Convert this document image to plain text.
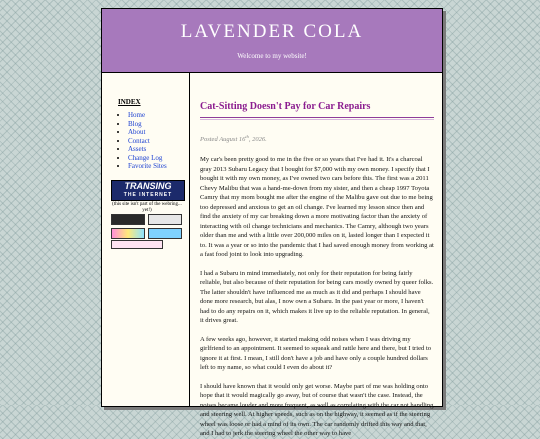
LAVENDER COLA
Welcome to my website!
INDEX
• Home
• Blog
• About
• Contact
• Assets
• Change Log
• Favorite Sites
TRANSING
THE INTERNET
(this site isn't part of the webring... yet!)
Cat-Sitting Doesn't Pay for Car Repairs
Posted August 16th, 2026.

My car's been pretty good to me in the five or so years that I've had it. It's a charcoal gray 2013 Subaru Legacy that I bought for $7,000 with my own money. I specify that I bought it with my own money, as I've owned two cars before this. The first was a 2011 Chevy Malibu that was a hand-me-down from my sister, and then a cheap 1997 Toyota Camry that my mom bought me after the engine of the Malibu gave out due to me being too depressed and anxious to get an oil change. I've learned my lesson since then and find the anxiety of my car breaking down a more motivating factor than the anxiety of interacting with oil change technicians and mechanics. The Camry, although two years older than me and with a little over 200,000 miles on it, lasted longer than I expected it to. It was a year or so into the pandemic that I had saved enough money from working at a fast food joint to look into upgrading.

I had a Subaru in mind immediately, not only for their reputation for being fairly reliable, but also because of their reputation for being cars mostly owned by queer folks. The latter shouldn't have influenced me as much as it did and perhaps I should have done more research, but alas, I now own a Subaru. In the past year or more, I haven't had to do any repairs on it, which makes it live up to the reliable reputation. In general, it drives great.

A few weeks ago, however, it started making odd noises when I was driving my girlfriend to an appointment. It seemed to squeak and rattle here and there, but I tried to ignore it at first. I mean, I still don't have a job and have only a couple hundred dollars left to my name, so what could I even do about it?

I should have known that it would only get worse. Maybe part of me was holding onto hope that it would magically go away, but of course that wasn't the case. Instead, the noises became louder and more frequent, as well as correlating with the car not handling and steering well. At higher speeds, such as on the highway, it seemed as if the steering wheel was loose or had a mind of its own. The car randomly drifted this way and that, and I had to jerk the steering wheel the other way to have
